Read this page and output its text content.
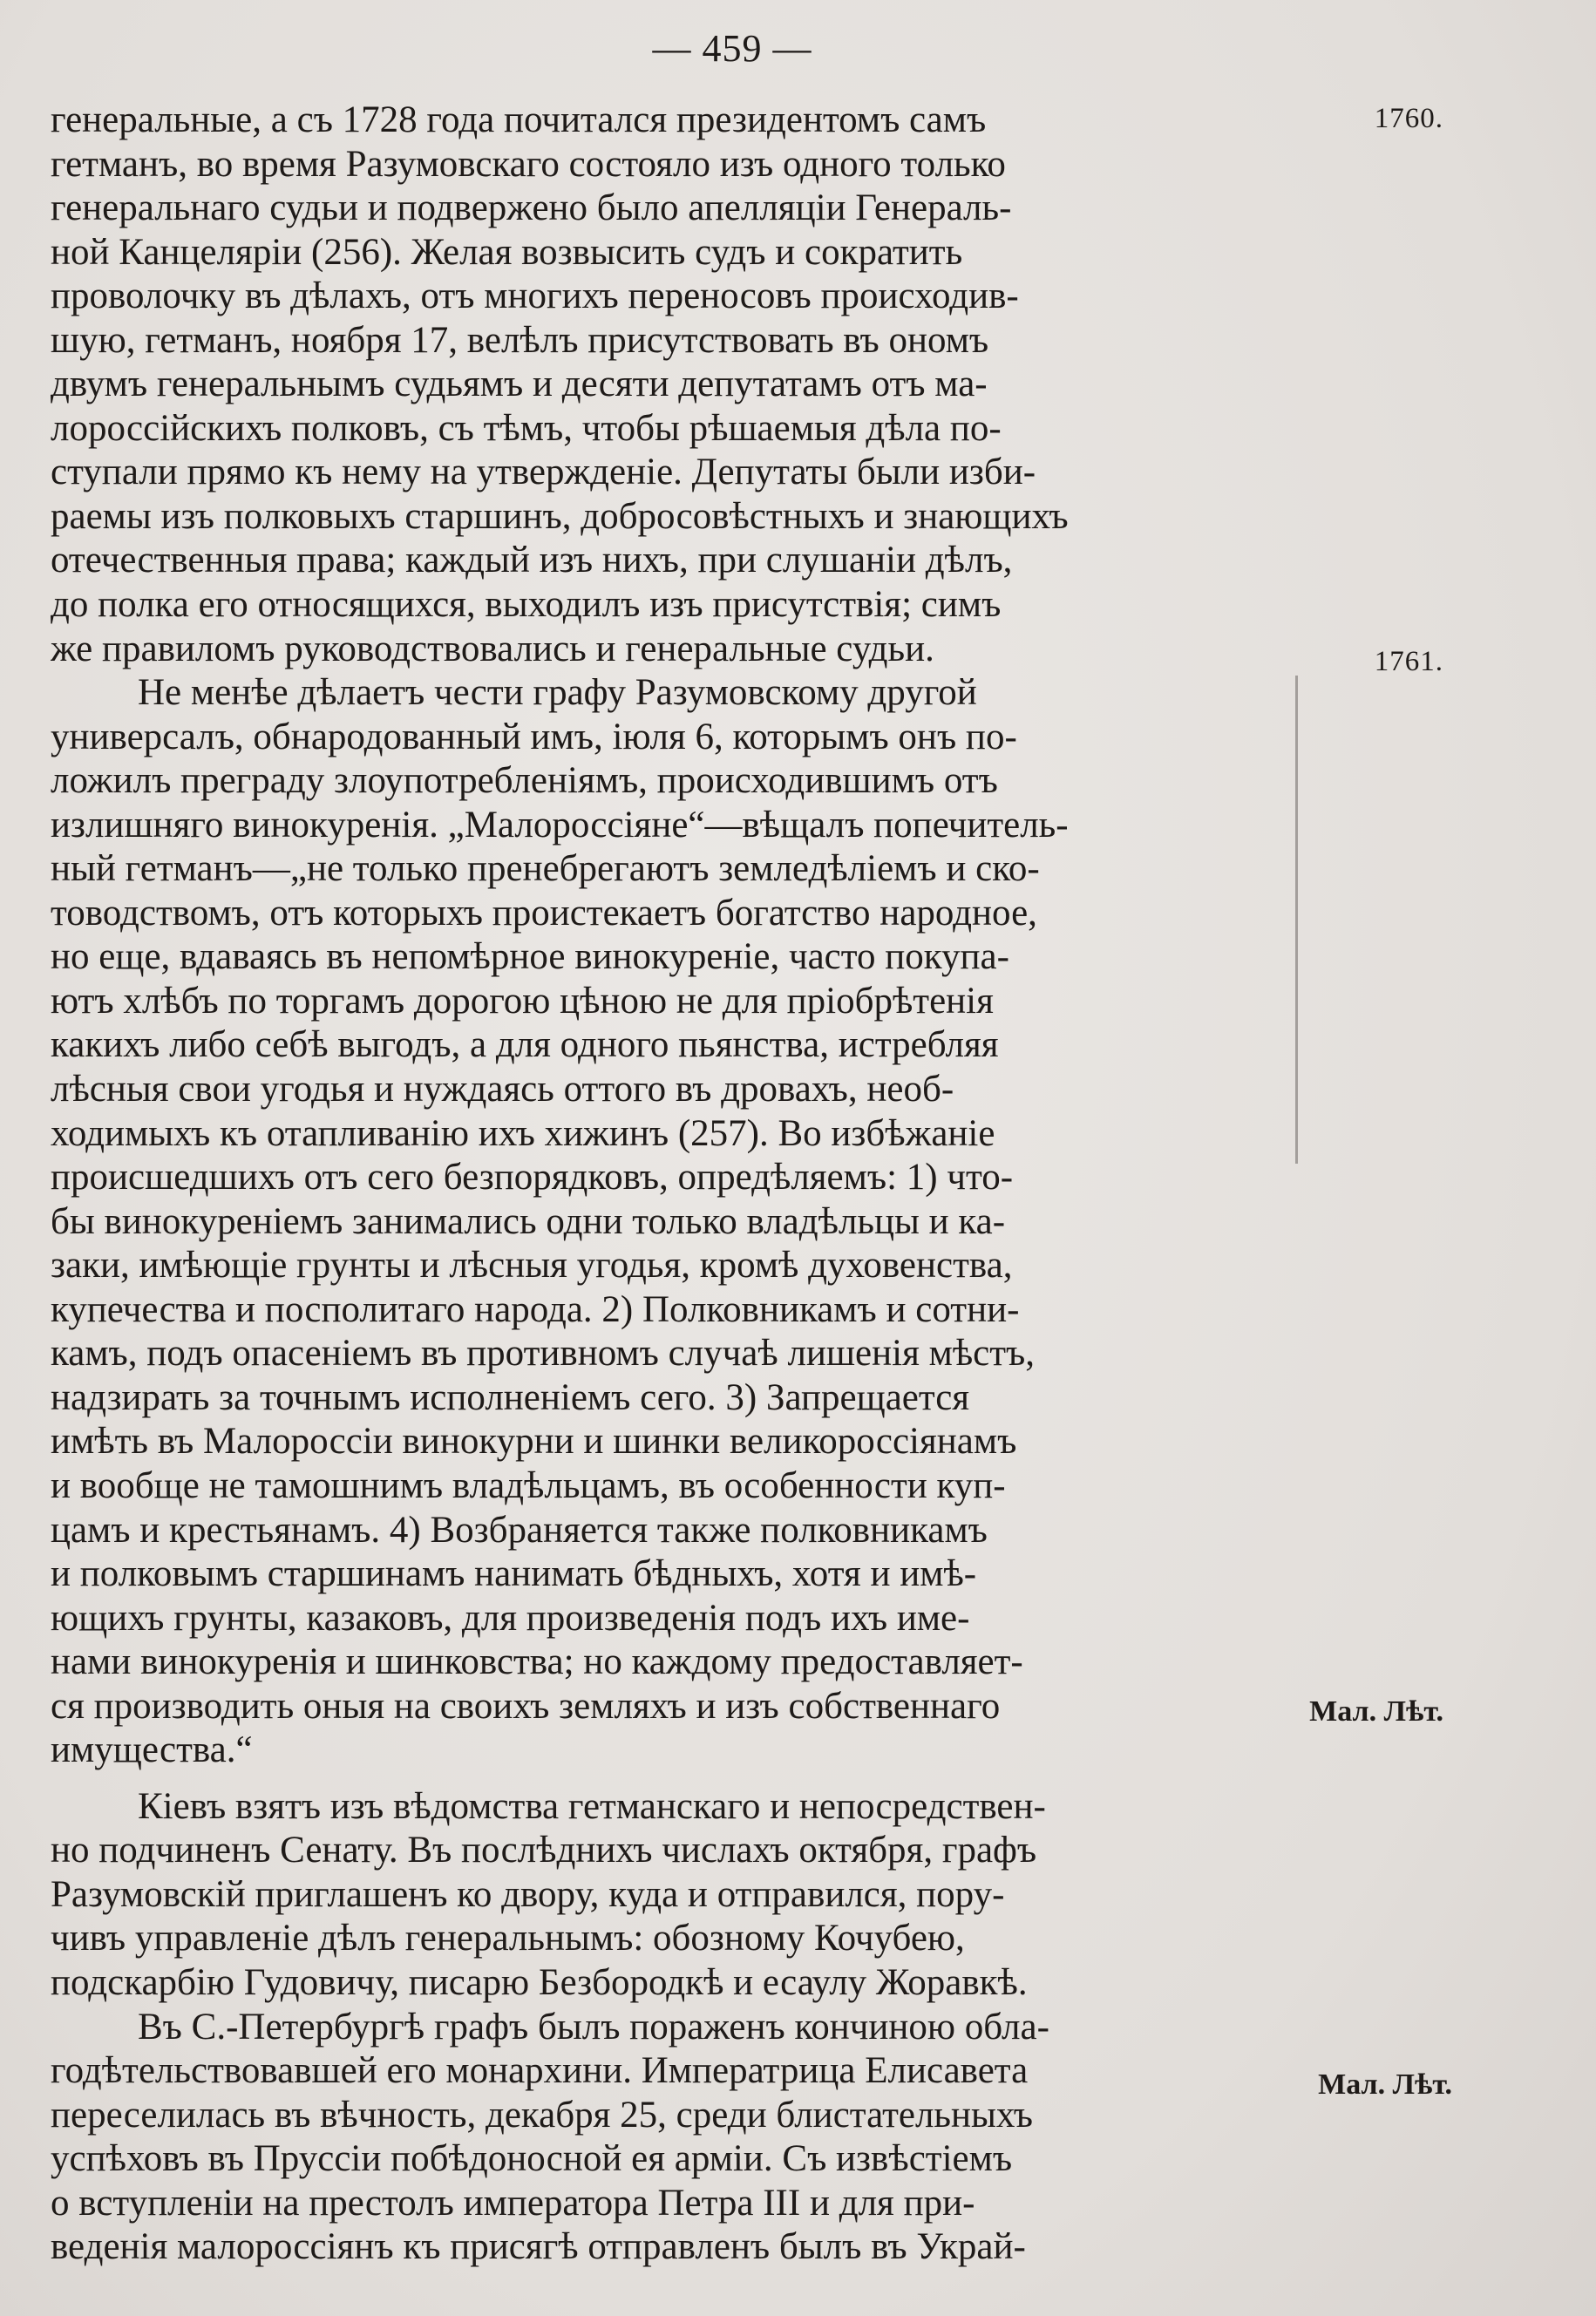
— 459 —
генеральные, а съ 1728 года почитался президентомъ самъ
гетманъ, во время Разумовскаго состояло изъ одного только
генеральнаго судьи и подвержено было апелляціи Генераль-
ной Канцеляріи (256). Желая возвысить судъ и сократить
проволочку въ дѣлахъ, отъ многихъ переносовъ происходив-
шую, гетманъ, ноября 17, велѣлъ присутствовать въ ономъ
двумъ генеральнымъ судьямъ и десяти депутатамъ отъ ма-
лороссійскихъ полковъ, съ тѣмъ, чтобы рѣшаемыя дѣла по-
ступали прямо къ нему на утвержденіе. Депутаты были изби-
раемы изъ полковыхъ старшинъ, добросовѣстныхъ и знающихъ
отечественныя права; каждый изъ нихъ, при слушаніи дѣлъ,
до полка его относящихся, выходилъ изъ присутствія; симъ
же правиломъ руководствовались и генеральные судьи.
Не менѣе дѣлаетъ чести графу Разумовскому другой
универсалъ, обнародованный имъ, іюля 6, которымъ онъ по-
ложилъ преграду злоупотребленіямъ, происходившимъ отъ
излишняго винокуренія. „Малороссіяне“—вѣщалъ попечитель-
ный гетманъ—„не только пренебрегаютъ земледѣліемъ и ско-
товодствомъ, отъ которыхъ проистекаетъ богатство народное,
но еще, вдаваясь въ непомѣрное винокуреніе, часто покупа-
ютъ хлѣбъ по торгамъ дорогою цѣною не для пріобрѣтенія
какихъ либо себѣ выгодъ, а для одного пьянства, истребляя
лѣсныя свои угодья и нуждаясь оттого въ дровахъ, необ-
ходимыхъ къ отапливанію ихъ хижинъ (257). Во избѣжаніе
происшедшихъ отъ сего безпорядковъ, опредѣляемъ: 1) что-
бы винокуреніемъ занимались одни только владѣльцы и ка-
заки, имѣющіе грунты и лѣсныя угодья, кромѣ духовенства,
купечества и посполитаго народа. 2) Полковникамъ и сотни-
камъ, подъ опасеніемъ въ противномъ случаѣ лишенія мѣстъ,
надзирать за точнымъ исполненіемъ сего. 3) Запрещается
имѣть въ Малороссіи винокурни и шинки великороссіянамъ
и вообще не тамошнимъ владѣльцамъ, въ особенности куп-
цамъ и крестьянамъ. 4) Возбраняется также полковникамъ
и полковымъ старшинамъ нанимать бѣдныхъ, хотя и имѣ-
ющихъ грунты, казаковъ, для произведенія подъ ихъ име-
нами винокуренія и шинковства; но каждому предоставляет-
ся производить оныя на своихъ земляхъ и изъ собственнаго
имущества.“
Кіевъ взятъ изъ вѣдомства гетманскаго и непосредствен-
но подчиненъ Сенату. Въ послѣднихъ числахъ октября, графъ
Разумовскій приглашенъ ко двору, куда и отправился, пору-
чивъ управленіе дѣлъ генеральнымъ: обозному Кочубею,
подскарбію Гудовичу, писарю Безбородкѣ и есаулу Жоравкѣ.
Въ С.-Петербургѣ графъ былъ пораженъ кончиною обла-
годѣтельствовавшей его монархини. Императрица Елисавета
переселилась въ вѣчность, декабря 25, среди блистательныхъ
успѣховъ въ Пруссіи побѣдоносной ея арміи. Съ извѣстіемъ
о вступленіи на престолъ императора Петра III и для при-
веденія малороссіянъ къ присягѣ отправленъ былъ въ Украй-
1760.
1761.
Мал. Лѣт.
Мал. Лѣт.
